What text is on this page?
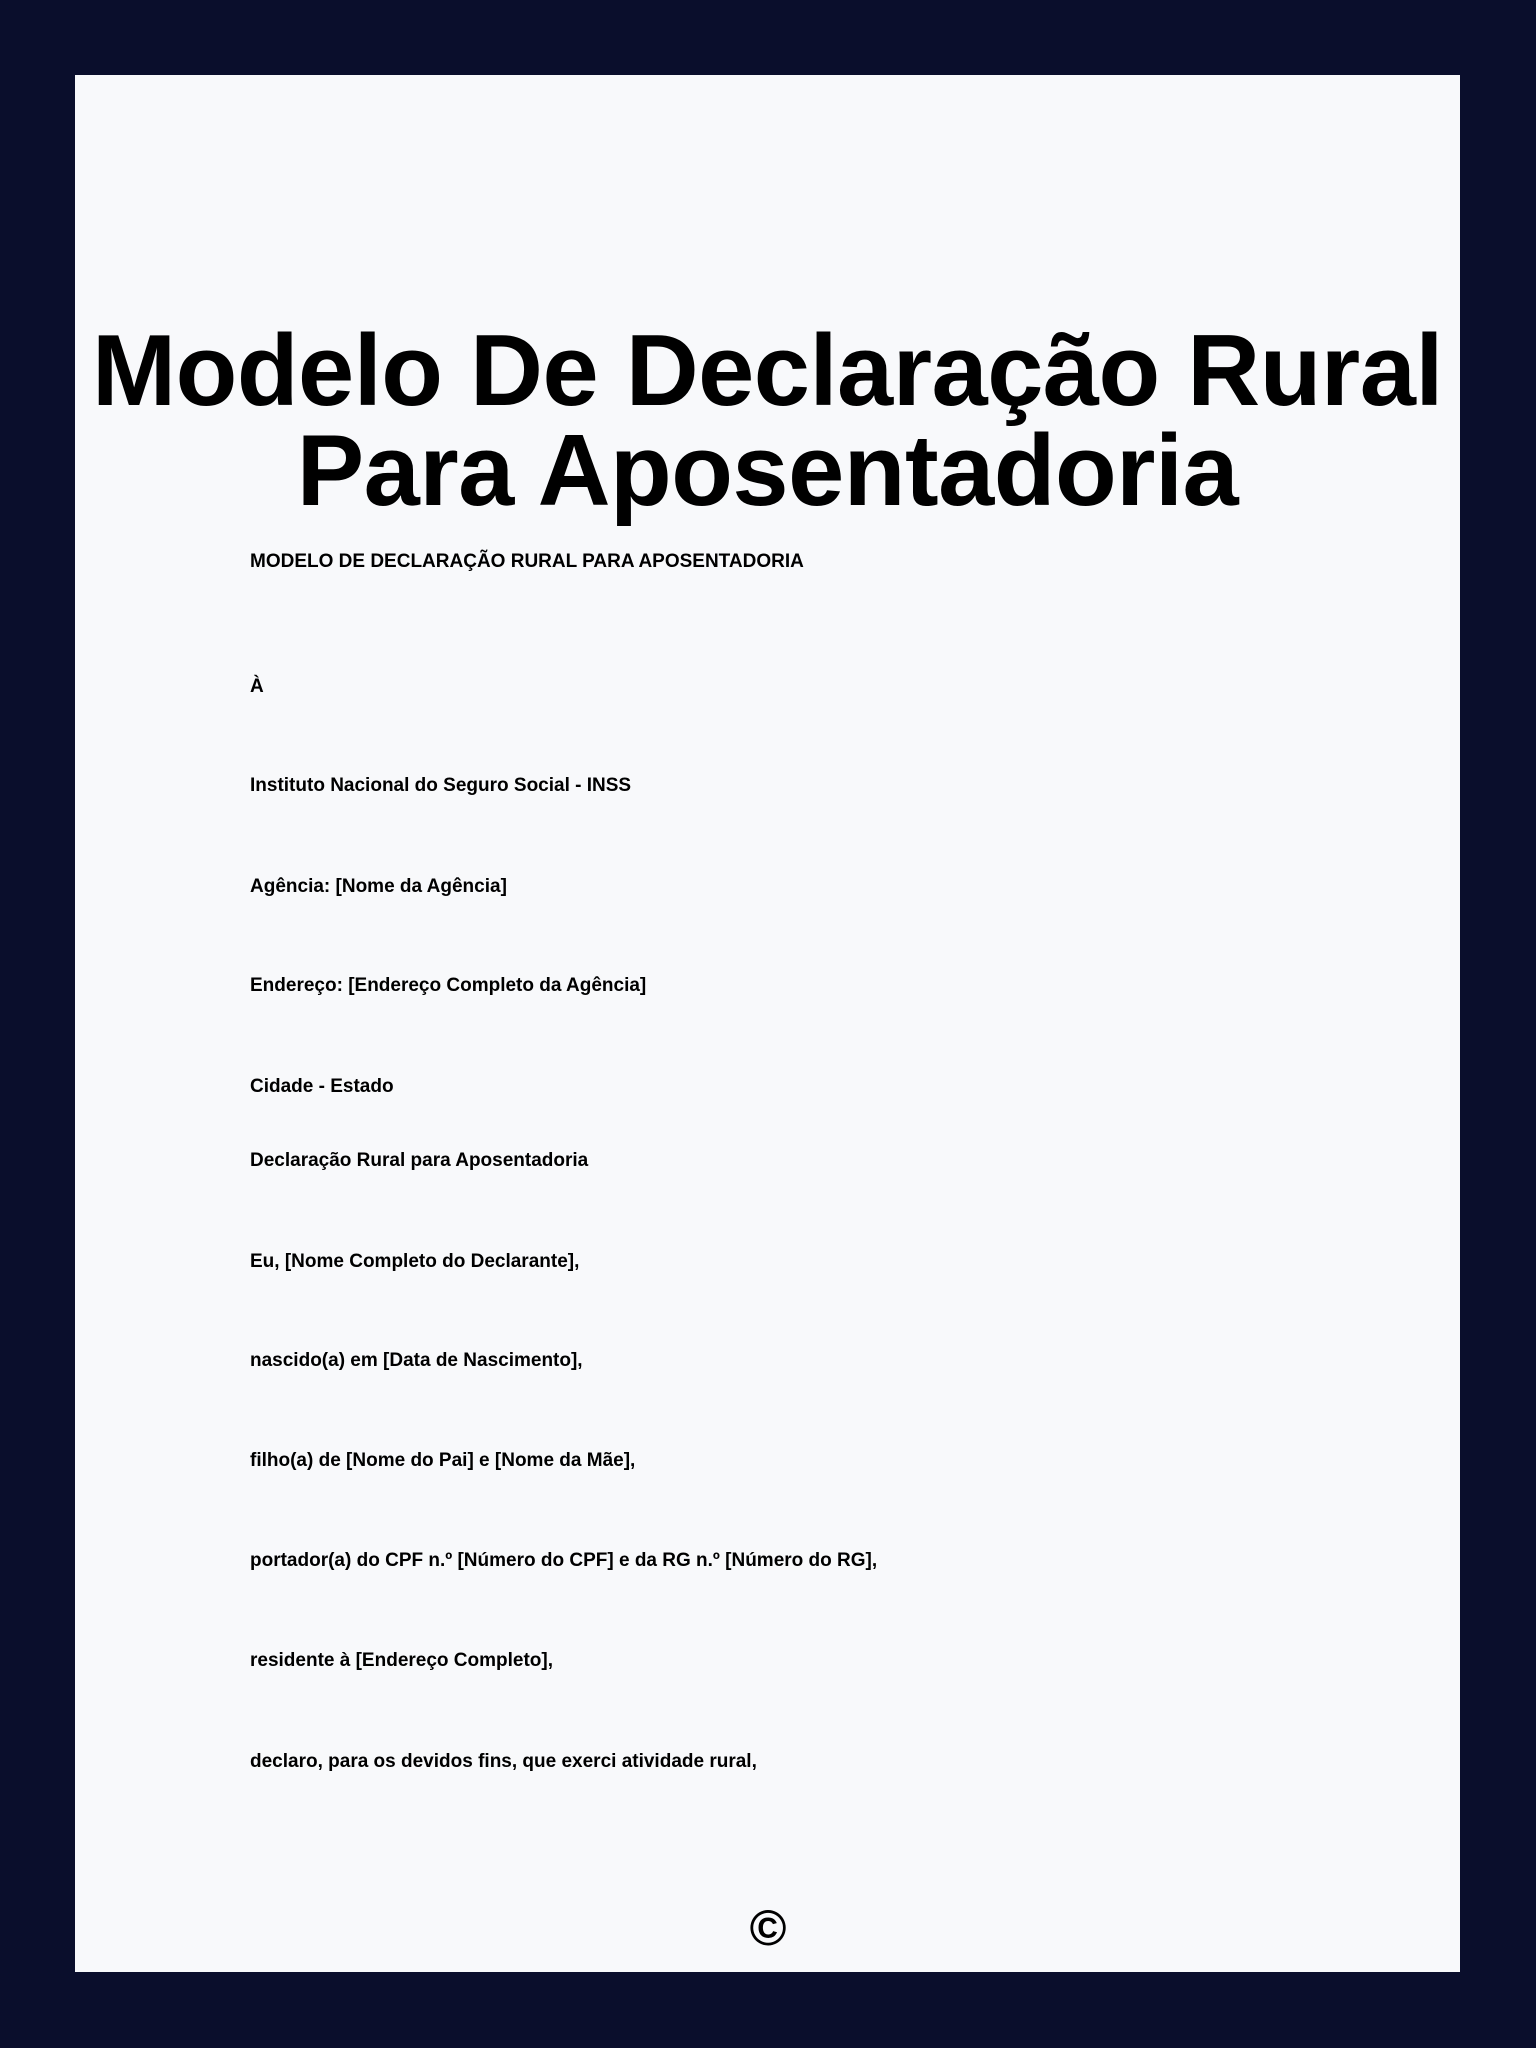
Modelo De Declaração Rural
Para Aposentadoria
MODELO DE DECLARAÇÃO RURAL PARA APOSENTADORIA
À
Instituto Nacional do Seguro Social - INSS
Agência: [Nome da Agência]
Endereço: [Endereço Completo da Agência]
Cidade - Estado
Declaração Rural para Aposentadoria
Eu, [Nome Completo do Declarante],
nascido(a) em [Data de Nascimento],
filho(a) de [Nome do Pai] e [Nome da Mãe],
portador(a) do CPF n.º [Número do CPF] e da RG n.º [Número do RG],
residente à [Endereço Completo],
declaro, para os devidos fins, que exerci atividade rural,
©
